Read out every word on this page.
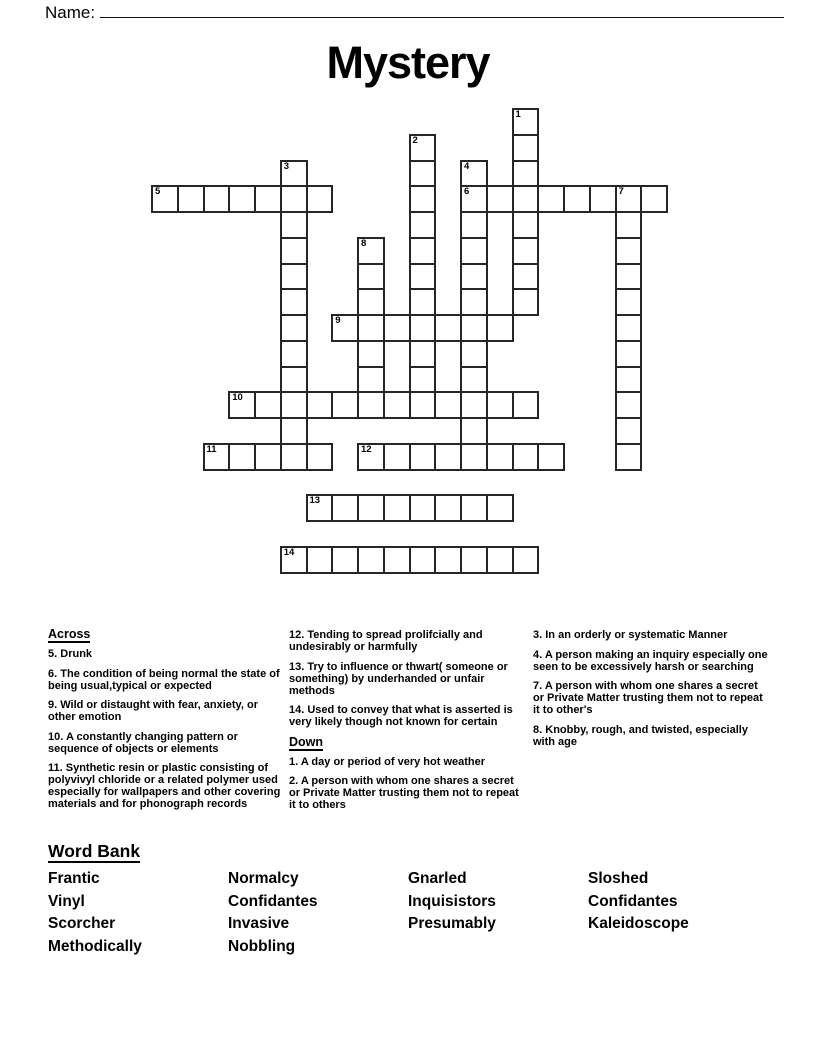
Name:
Mystery
1
2
3	4
6
5	7
8
9
10
11	12
13
14
Across

5. Drunk

6. The condition of being normal the state of being usual,typical or expected

9. Wild or distaught with fear, anxiety, or other emotion

10. A constantly changing pattern or sequence of objects or elements

11. Synthetic resin or plastic consisting of polyvivyl chloride or a related polymer used especially for wallpapers and other covering materials and for phonograph records

12. Tending to spread prolifcially and undesirably or harmfully

13. Try to influence or thwart( someone or something) by underhanded or unfair methods

14. Used to convey that what is asserted is very likely though not known for certain

Down

1. A day or period of very hot weather

2. A person with whom one shares a secret or Private Matter trusting them not to repeat it to others

3. In an orderly or systematic Manner

4. A person making an inquiry especially one seen to be excessively harsh or searching

7. A person with whom one shares a secret or Private Matter trusting them not to repeat it to other's

8. Knobby, rough, and twisted, especially with age

Word Bank
Frantic	Normalcy	Gnarled	Sloshed
Vinyl	Confidantes	Inquisistors	Confidantes
Scorcher	Invasive	Presumably	Kaleidoscope
Methodically	Nobbling
